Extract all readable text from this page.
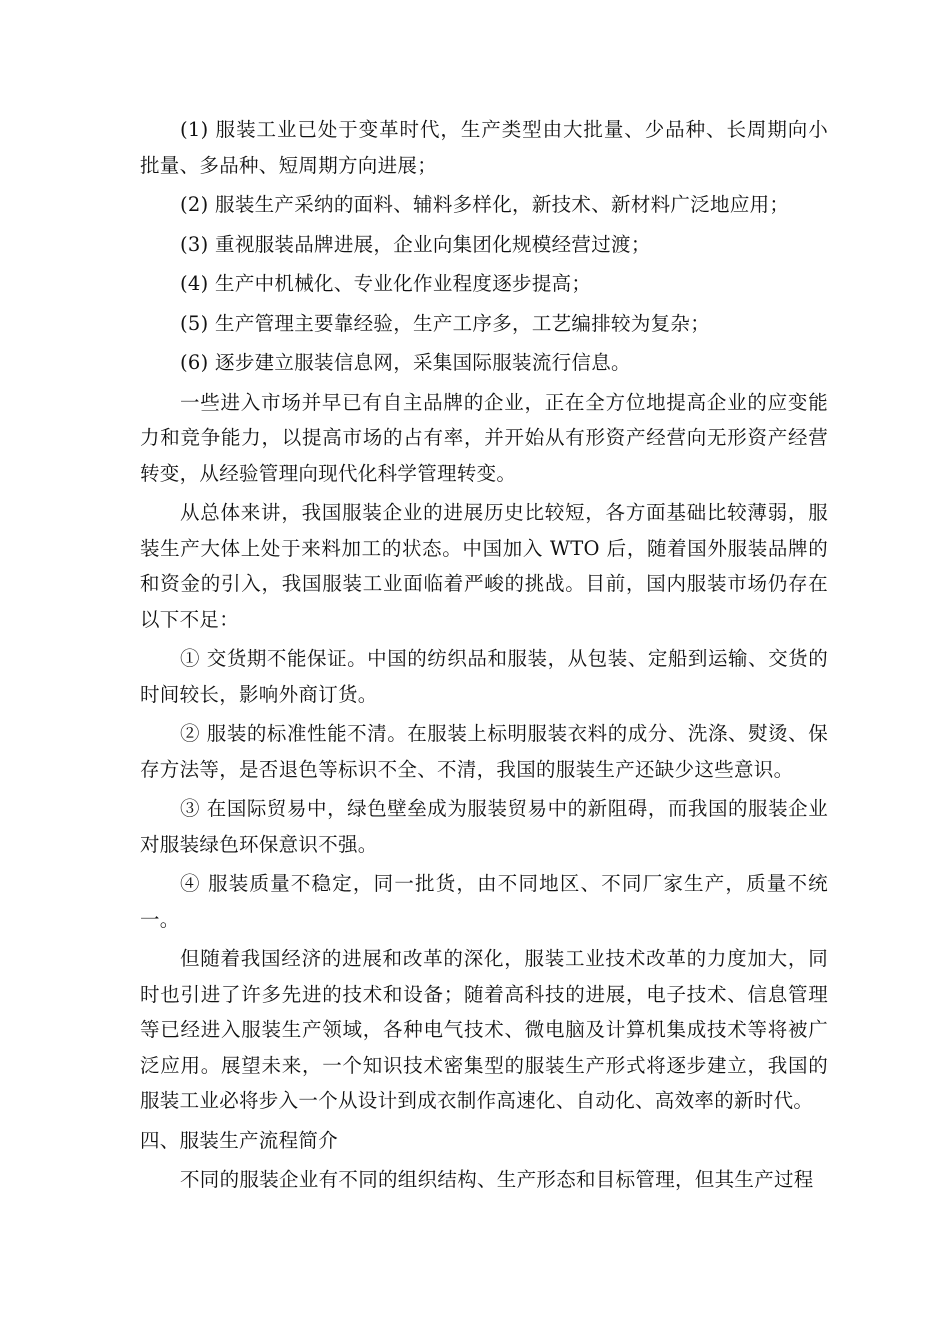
(1) 服装工业已处于变革时代，生产类型由大批量、少品种、长周期向小批量、多品种、短周期方向进展；

(2) 服装生产采纳的面料、辅料多样化，新技术、新材料广泛地应用；

(3) 重视服装品牌进展，企业向集团化规模经营过渡；

(4) 生产中机械化、专业化作业程度逐步提高；

(5) 生产管理主要靠经验，生产工序多，工艺编排较为复杂；

(6) 逐步建立服装信息网，采集国际服装流行信息。

一些进入市场并早已有自主品牌的企业，正在全方位地提高企业的应变能力和竞争能力，以提高市场的占有率，并开始从有形资产经营向无形资产经营转变，从经验管理向现代化科学管理转变。

从总体来讲，我国服装企业的进展历史比较短，各方面基础比较薄弱，服装生产大体上处于来料加工的状态。中国加入 WTO 后，随着国外服装品牌的和资金的引入，我国服装工业面临着严峻的挑战。目前，国内服装市场仍存在以下不足：

① 交货期不能保证。中国的纺织品和服装，从包装、定船到运输、交货的时间较长，影响外商订货。

② 服装的标准性能不清。在服装上标明服装衣料的成分、洗涤、熨烫、保存方法等，是否退色等标识不全、不清，我国的服装生产还缺少这些意识。

③ 在国际贸易中，绿色壁垒成为服装贸易中的新阻碍，而我国的服装企业对服装绿色环保意识不强。

④ 服装质量不稳定，同一批货，由不同地区、不同厂家生产，质量不统一。

但随着我国经济的进展和改革的深化，服装工业技术改革的力度加大，同时也引进了许多先进的技术和设备；随着高科技的进展，电子技术、信息管理等已经进入服装生产领域，各种电气技术、微电脑及计算机集成技术等将被广泛应用。展望未来，一个知识技术密集型的服装生产形式将逐步建立，我国的服装工业必将步入一个从设计到成衣制作高速化、自动化、高效率的新时代。

四、服装生产流程简介

不同的服装企业有不同的组织结构、生产形态和目标管理，但其生产过程
